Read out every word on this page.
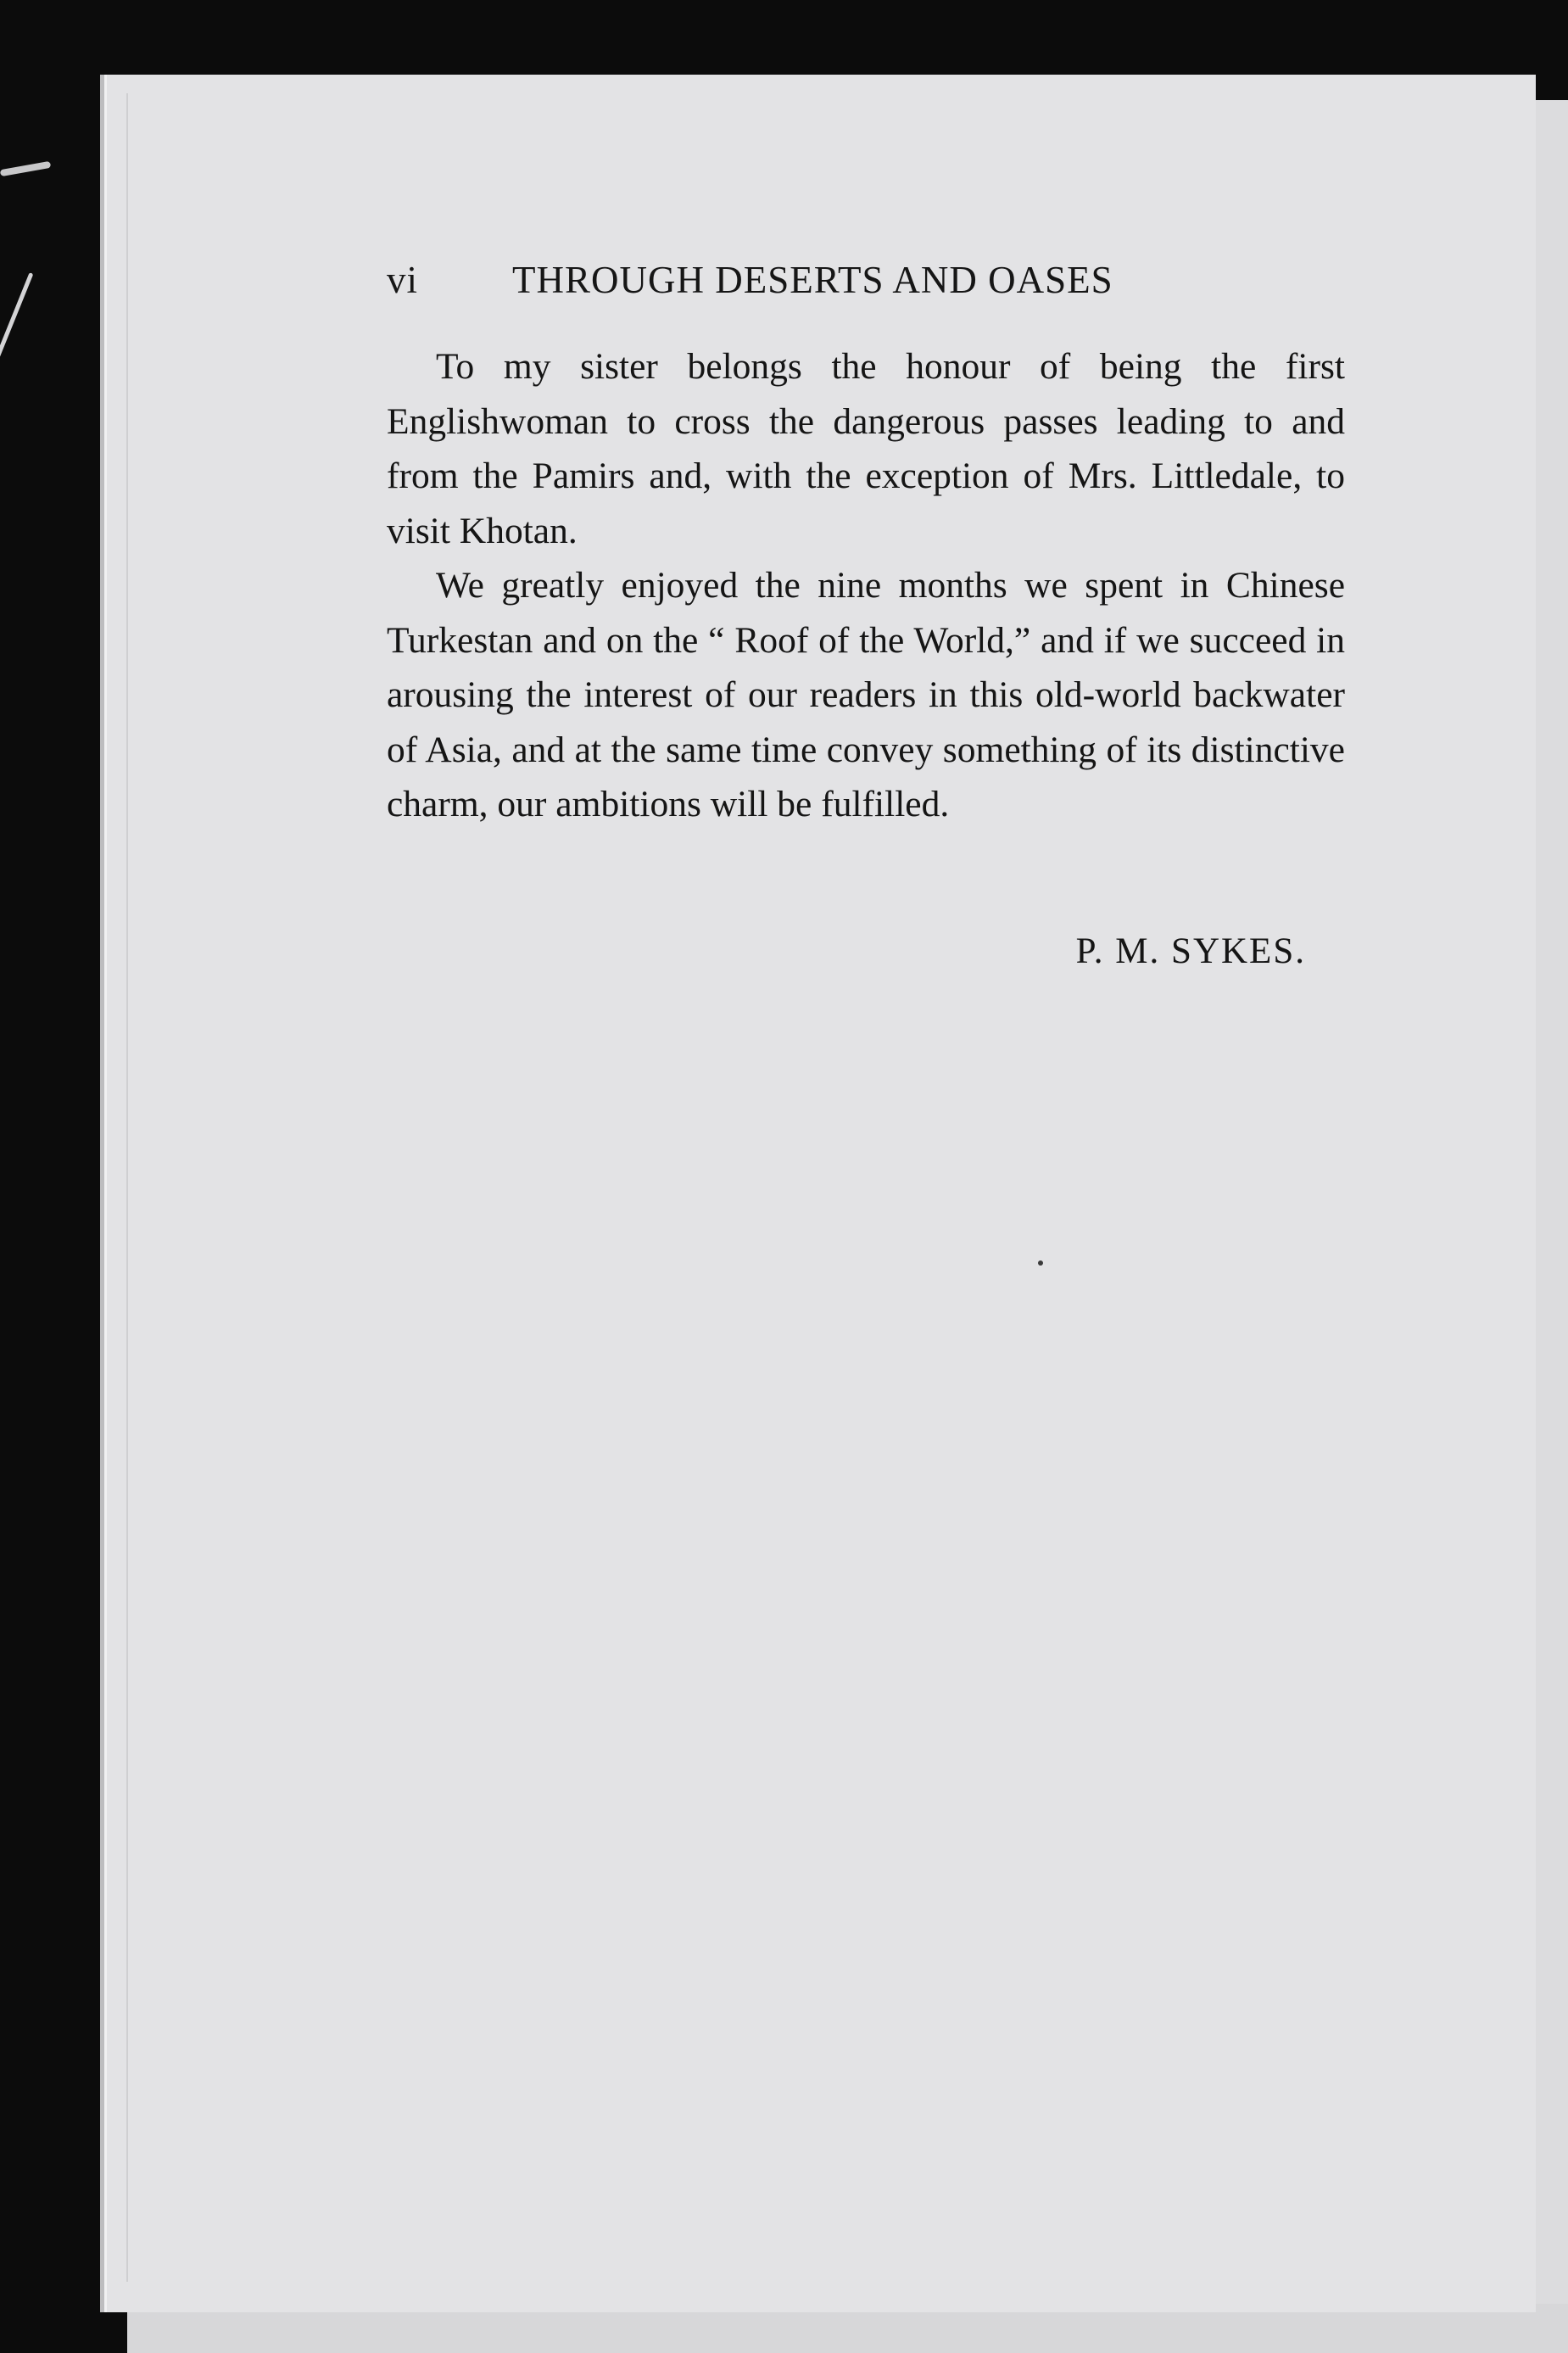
vi THROUGH DESERTS AND OASES

To my sister belongs the honour of being the first Englishwoman to cross the dangerous passes leading to and from the Pamirs and, with the exception of Mrs. Littledale, to visit Khotan.

We greatly enjoyed the nine months we spent in Chinese Turkestan and on the “ Roof of the World,” and if we succeed in arousing the interest of our readers in this old-world backwater of Asia, and at the same time convey something of its distinctive charm, our ambitions will be fulfilled.

P. M. SYKES.
